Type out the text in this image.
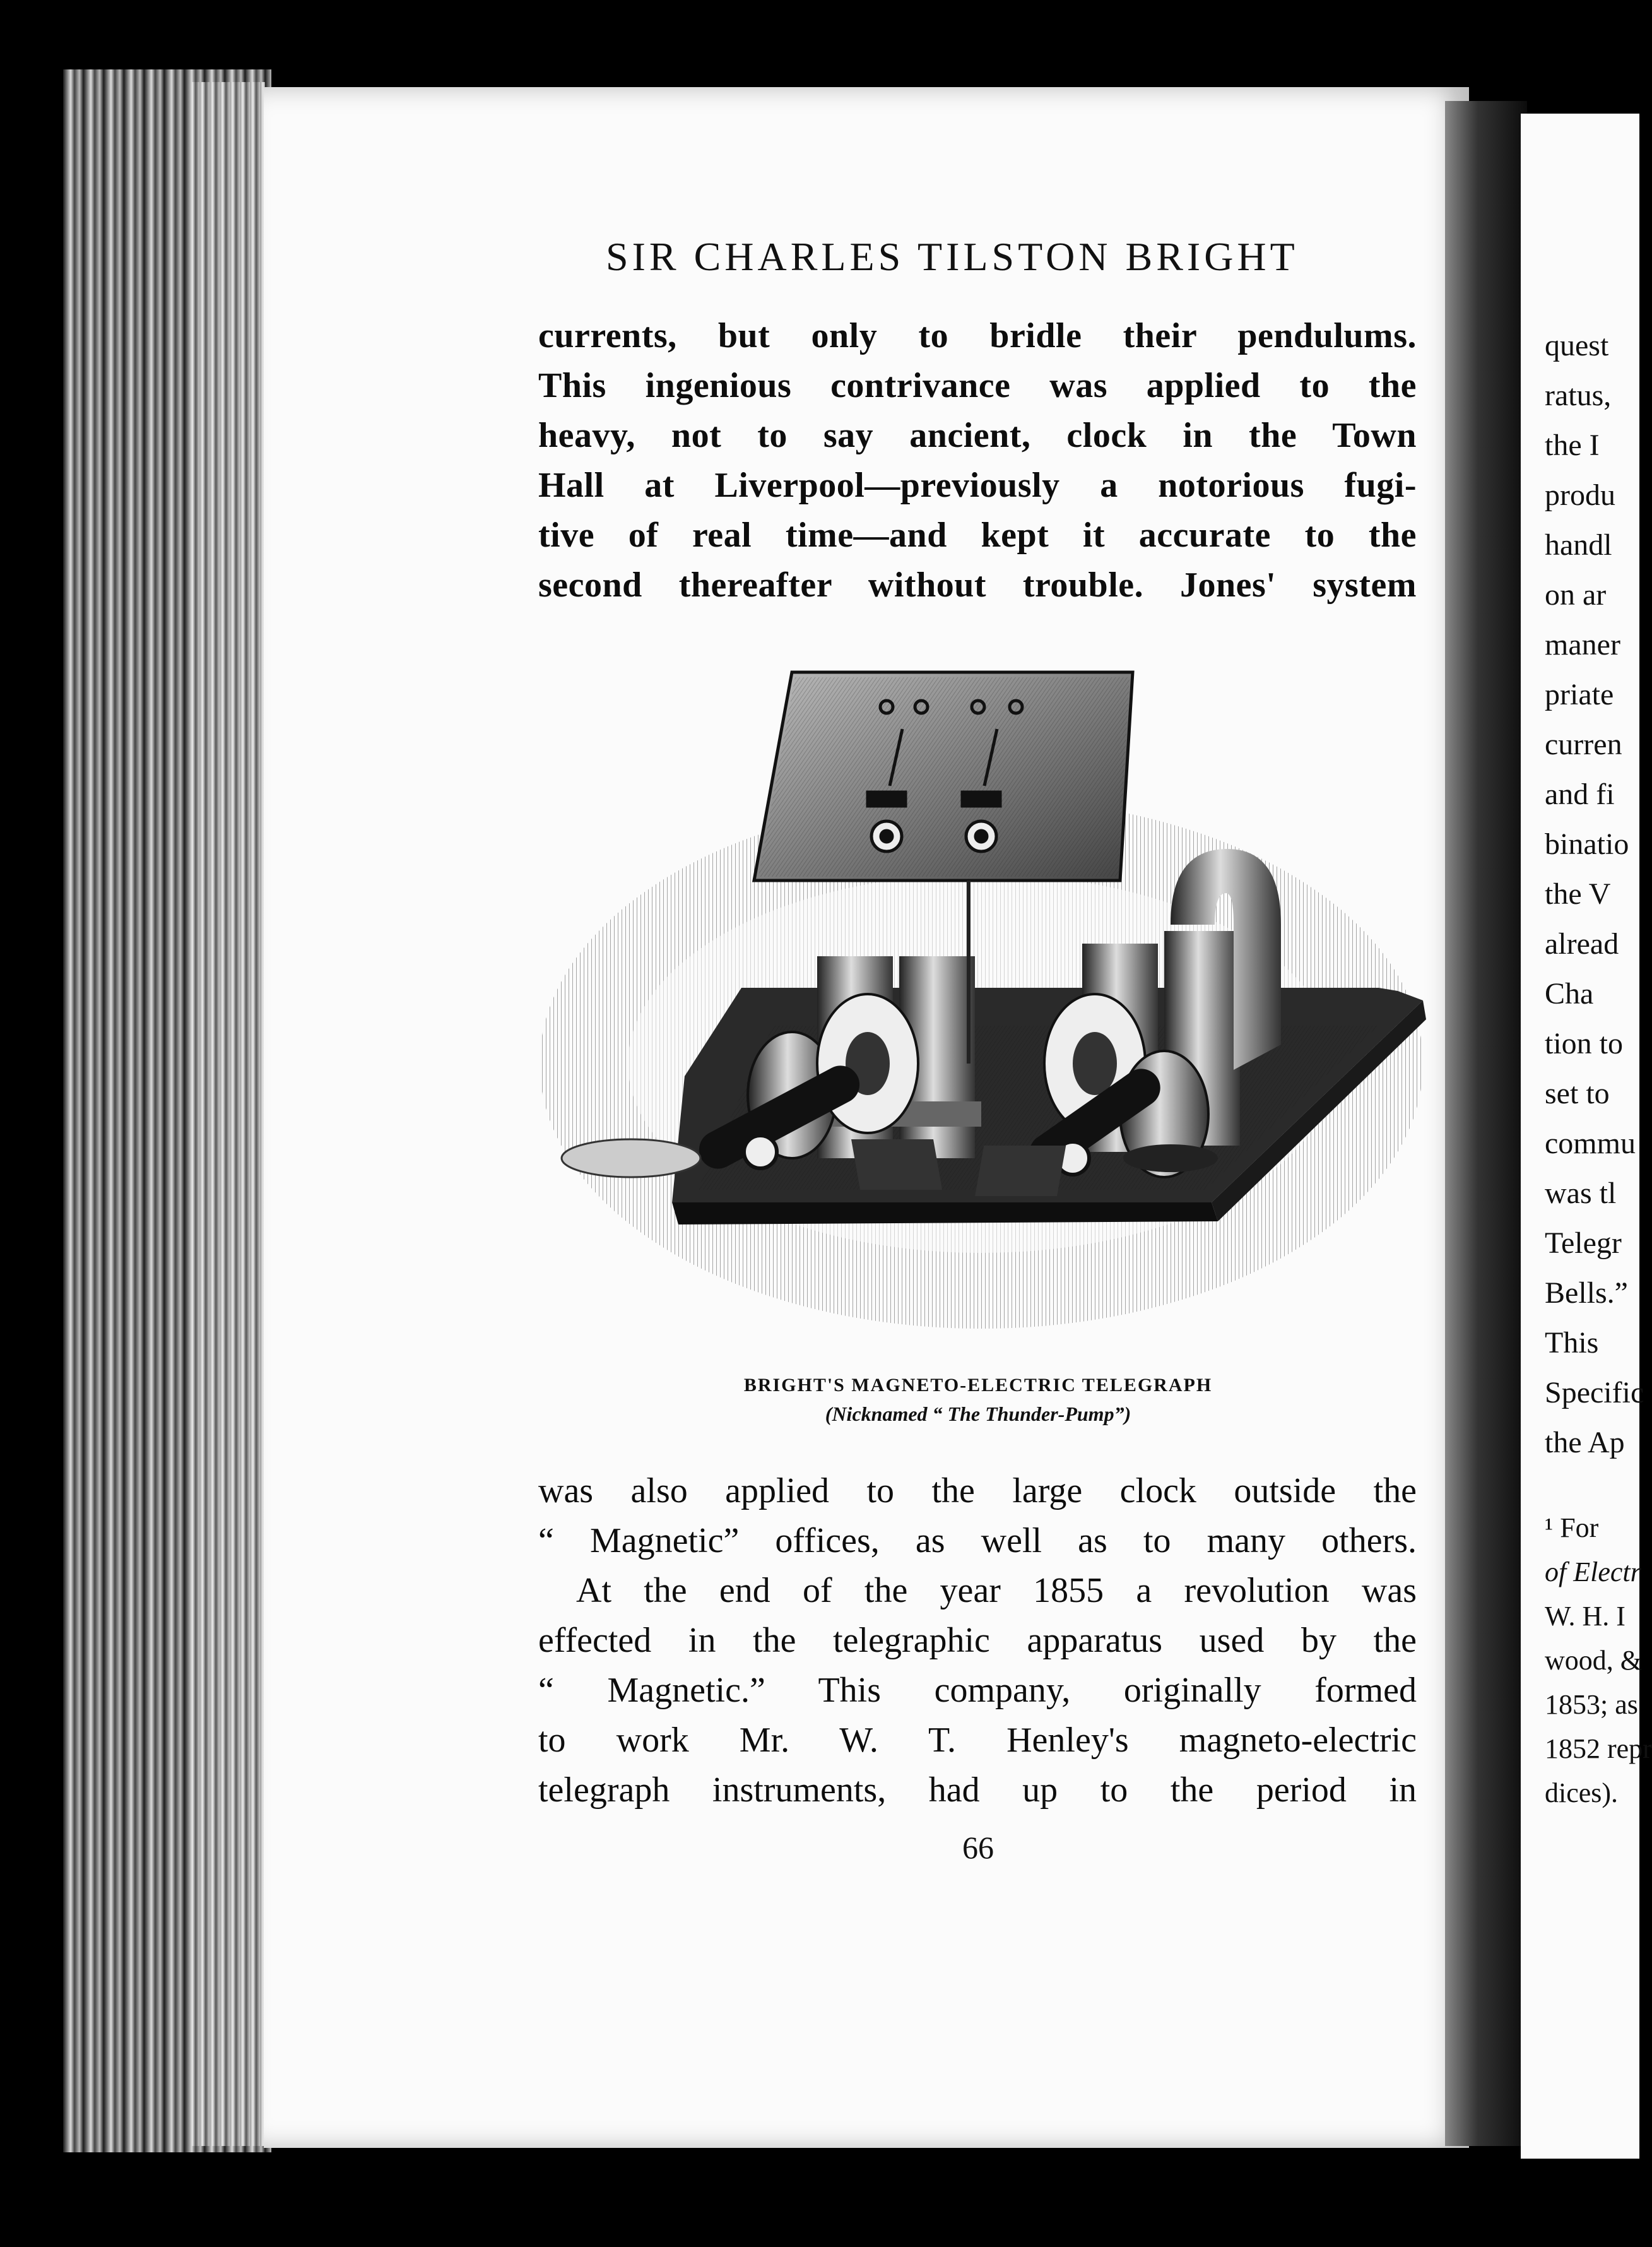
quest
ratus,
the I
produ
handl
on ar
maner
priate
curren
and fi
binatio
the V
alread
Cha
tion to
set to
commu
was tl
Telegr
Bells.”
This
Specific
the Ap
¹ For
of Electr
W. H. I
wood, &
1853; as
1852 repr
dices).
SIR CHARLES TILSTON BRIGHT
currents, but only to bridle their pendulums.
This ingenious contrivance was applied to the
heavy, not to say ancient, clock in the Town
Hall at Liverpool—previously a notorious fugi-
tive of real time—and kept it accurate to the
second thereafter without trouble. Jones' system
BRIGHT'S MAGNETO-ELECTRIC TELEGRAPH
(Nicknamed “ The Thunder-Pump”)
was also applied to the large clock outside the
“ Magnetic” offices, as well as to many others.
At the end of the year 1855 a revolution was
effected in the telegraphic apparatus used by the
“ Magnetic.” This company, originally formed
to work Mr. W. T. Henley's magneto-electric
telegraph instruments, had up to the period in
66
